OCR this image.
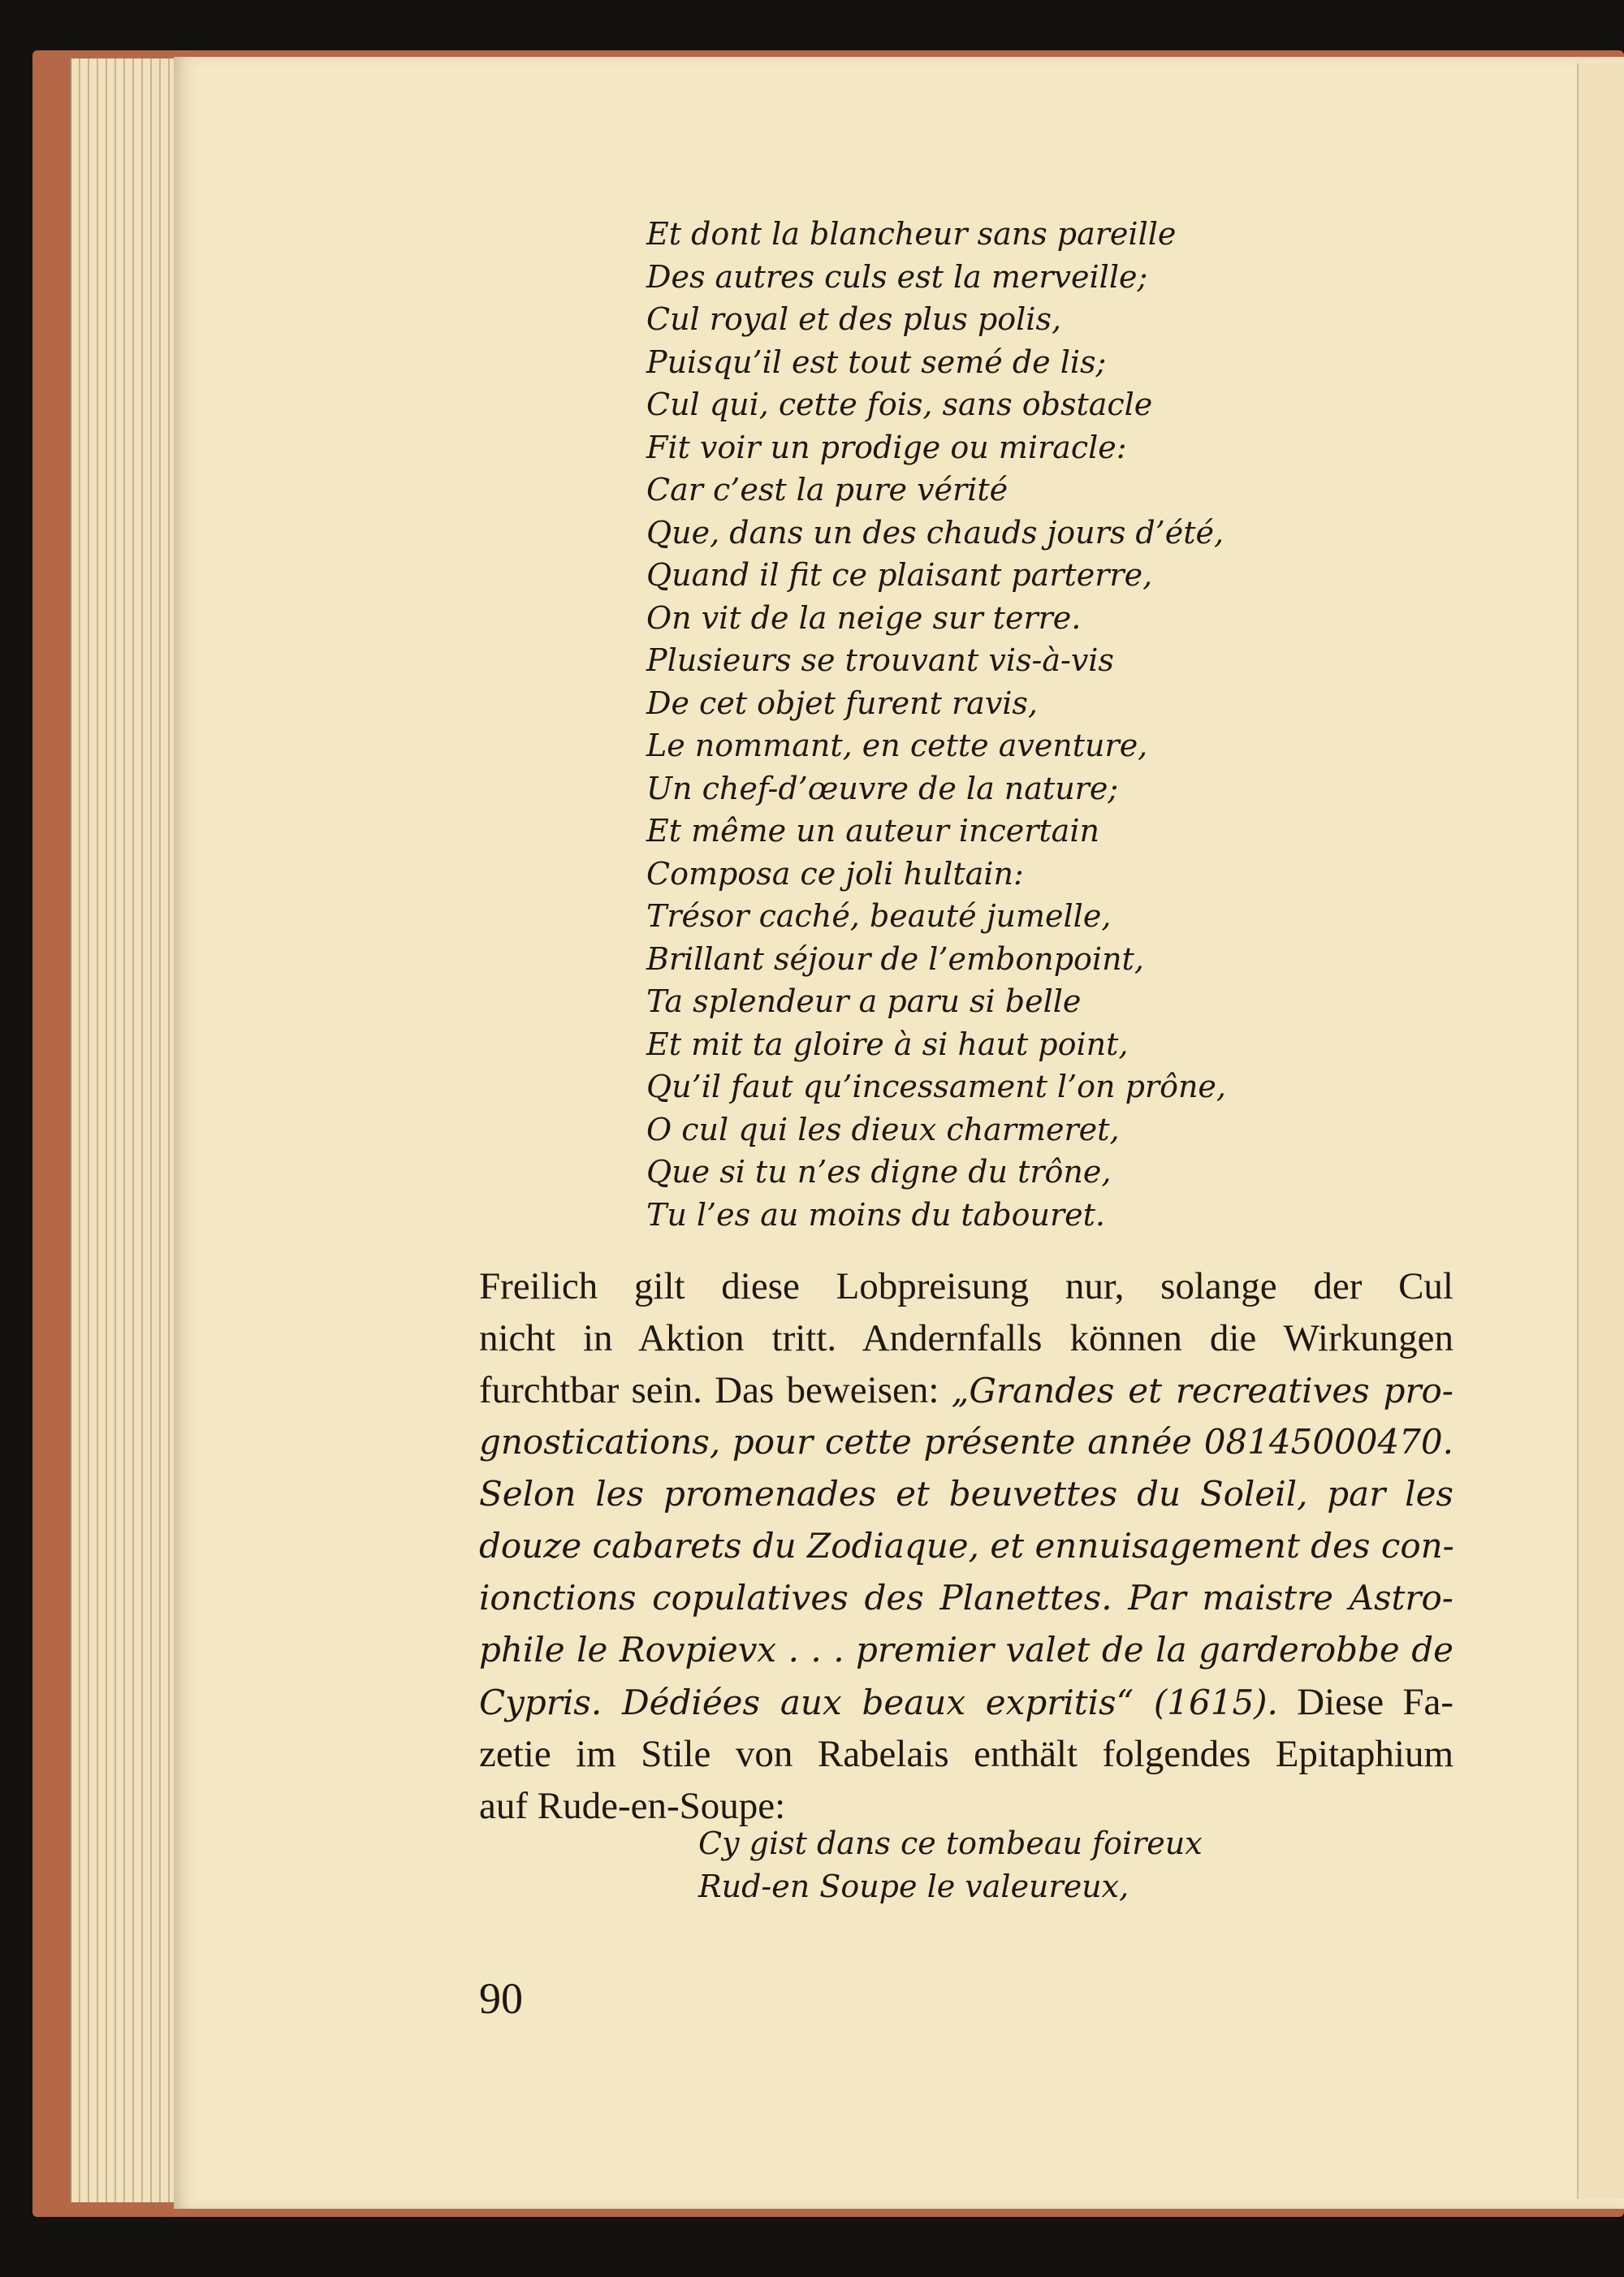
Et dont la blancheur sans pareille
Des autres culs est la merveille;
Cul royal et des plus polis,
Puisqu’il est tout semé de lis;
Cul qui, cette fois, sans obstacle
Fit voir un prodige ou miracle:
Car c’est la pure vérité
Que, dans un des chauds jours d’été,
Quand il fit ce plaisant parterre,
On vit de la neige sur terre.
Plusieurs se trouvant vis-à-vis
De cet objet furent ravis,
Le nommant, en cette aventure,
Un chef-d’œuvre de la nature;
Et même un auteur incertain
Composa ce joli hultain:
Trésor caché, beauté jumelle,
Brillant séjour de l’embonpoint,
Ta splendeur a paru si belle
Et mit ta gloire à si haut point,
Qu’il faut qu’incessament l’on prône,
O cul qui les dieux charmeret,
Que si tu n’es digne du trône,
Tu l’es au moins du tabouret.
Freilich gilt diese Lobpreisung nur, solange der Cul
nicht in Aktion tritt. Andernfalls können die Wirkungen
furchtbar sein. Das beweisen: „Grandes et recreatives pro-
gnostications, pour cette présente année 08145000470.
Selon les promenades et beuvettes du Soleil, par les
douze cabarets du Zodiaque, et ennuisagement des con-
ionctions copulatives des Planettes. Par maistre Astro-
phile le Rovpievx . . . premier valet de la garderobbe de
Cypris. Dédiées aux beaux expritis“ (1615). Diese Fa-
zetie im Stile von Rabelais enthält folgendes Epitaphium
auf Rude-en-Soupe:
Cy gist dans ce tombeau foireux
Rud-en Soupe le valeureux,
90
